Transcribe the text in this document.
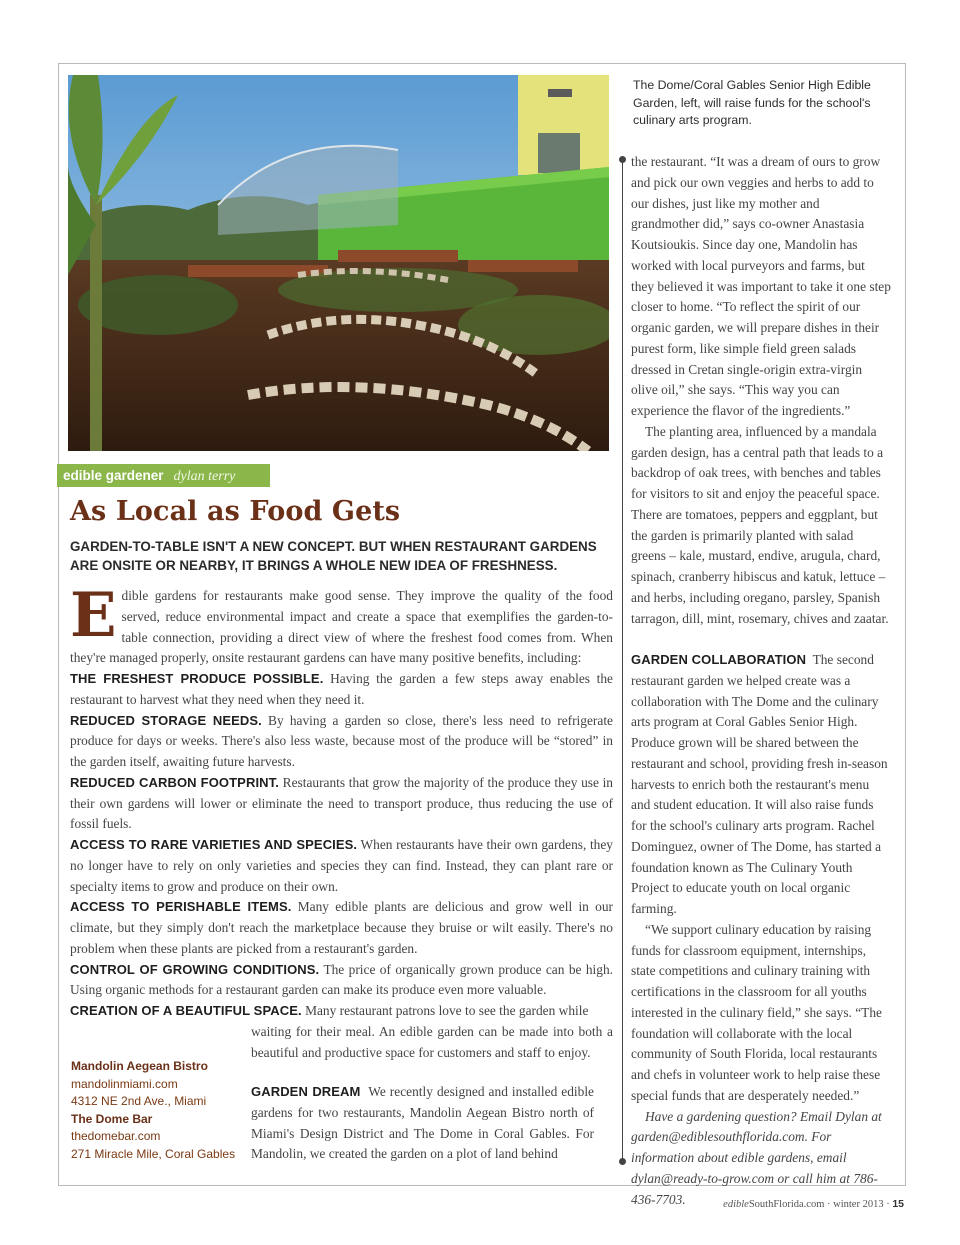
The Dome/Coral Gables Senior High Edible Garden, left, will raise funds for the school's culinary arts program.
edible gardener dylan terry
As Local as Food Gets
GARDEN-TO-TABLE ISN'T A NEW CONCEPT. BUT WHEN RESTAURANT GARDENS ARE ONSITE OR NEARBY, IT BRINGS A WHOLE NEW IDEA OF FRESHNESS.

Edible gardens for restaurants make good sense. They improve the quality of the food served, reduce environmental impact and create a space that exemplifies the garden-to-table connection, providing a direct view of where the freshest food comes from. When they're managed properly, onsite restaurant gardens can have many positive benefits, including:

THE FRESHEST PRODUCE POSSIBLE. Having the garden a few steps away enables the restaurant to harvest what they need when they need it.

REDUCED STORAGE NEEDS. By having a garden so close, there's less need to refrigerate produce for days or weeks. There's also less waste, because most of the produce will be “stored” in the garden itself, awaiting future harvests.

REDUCED CARBON FOOTPRINT. Restaurants that grow the majority of the produce they use in their own gardens will lower or eliminate the need to transport produce, thus reducing the use of fossil fuels.

ACCESS TO RARE VARIETIES AND SPECIES. When restaurants have their own gardens, they no longer have to rely on only varieties and species they can find. Instead, they can plant rare or specialty items to grow and produce on their own.

ACCESS TO PERISHABLE ITEMS. Many edible plants are delicious and grow well in our climate, but they simply don't reach the marketplace because they bruise or wilt easily. There's no problem when these plants are picked from a restaurant's garden.

CONTROL OF GROWING CONDITIONS. The price of organically grown produce can be high. Using organic methods for a restaurant garden can make its produce even more valuable.

CREATION OF A BEAUTIFUL SPACE. Many restaurant patrons love to see the garden while

waiting for their meal. An edible garden can be made into both a beautiful and productive space for customers and staff to enjoy.

Mandolin Aegean Bistro
mandolinmiami.com
4312 NE 2nd Ave., Miami
The Dome Bar
thedomebar.com
271 Miracle Mile, Coral Gables
GARDEN DREAM We recently designed and installed edible gardens for two restaurants, Mandolin Aegean Bistro north of Miami's Design District and The Dome in Coral Gables. For Mandolin, we created the garden on a plot of land behind

the restaurant. “It was a dream of ours to grow and pick our own veggies and herbs to add to our dishes, just like my mother and grandmother did,” says co-owner Anastasia Koutsioukis. Since day one, Mandolin has worked with local purveyors and farms, but they believed it was important to take it one step closer to home. “To reflect the spirit of our organic garden, we will prepare dishes in their purest form, like simple field green salads dressed in Cretan single-origin extra-virgin olive oil,” she says. “This way you can experience the flavor of the ingredients.”

The planting area, influenced by a mandala garden design, has a central path that leads to a backdrop of oak trees, with benches and tables for visitors to sit and enjoy the peaceful space. There are tomatoes, peppers and eggplant, but the garden is primarily planted with salad greens – kale, mustard, endive, arugula, chard, spinach, cranberry hibiscus and katuk, lettuce – and herbs, including oregano, parsley, Spanish tarragon, dill, mint, rosemary, chives and zaatar.

GARDEN COLLABORATION The second restaurant garden we helped create was a collaboration with The Dome and the culinary arts program at Coral Gables Senior High. Produce grown will be shared between the restaurant and school, providing fresh in-season harvests to enrich both the restaurant's menu and student education. It will also raise funds for the school's culinary arts program. Rachel Dominguez, owner of The Dome, has started a foundation known as The Culinary Youth Project to educate youth on local organic farming.

“We support culinary education by raising funds for classroom equipment, internships, state competitions and culinary training with certifications in the classroom for all youths interested in the culinary field,” she says. “The foundation will collaborate with the local community of South Florida, local restaurants and chefs in volunteer work to help raise these special funds that are desperately needed.”

Have a gardening question? Email Dylan at garden@ediblesouthflorida.com. For information about edible gardens, email dylan@ready-to-grow.com or call him at 786-436-7703.	edibleSouthFlorida.com · winter 2013 · 15
